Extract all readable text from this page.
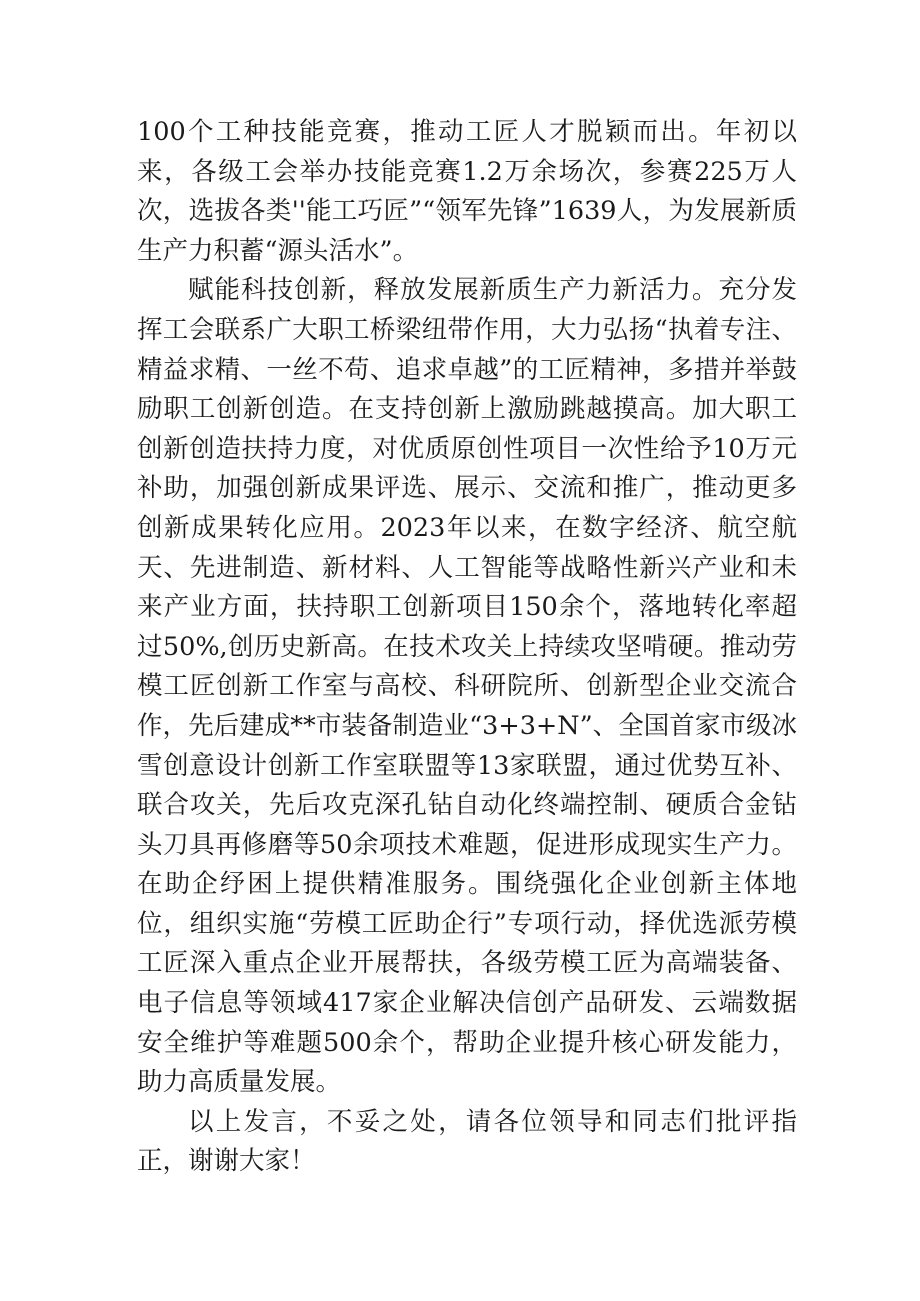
100个工种技能竞赛，推动工匠人才脱颖而出。年初以来，各级工会举办技能竞赛1.2万余场次，参赛225万人次，选拔各类''能工巧匠”“领军先锋”1639人，为发展新质生产力积蓄“源头活水”。

赋能科技创新，释放发展新质生产力新活力。充分发挥工会联系广大职工桥梁纽带作用，大力弘扬“执着专注、精益求精、一丝不苟、追求卓越”的工匠精神，多措并举鼓励职工创新创造。在支持创新上激励跳越摸高。加大职工创新创造扶持力度，对优质原创性项目一次性给予10万元补助，加强创新成果评选、展示、交流和推广，推动更多创新成果转化应用。2023年以来，在数字经济、航空航天、先进制造、新材料、人工智能等战略性新兴产业和未来产业方面，扶持职工创新项目150余个，落地转化率超过50%,创历史新高。在技术攻关上持续攻坚啃硬。推动劳模工匠创新工作室与高校、科研院所、创新型企业交流合作，先后建成**市装备制造业“3+3+N”、全国首家市级冰雪创意设计创新工作室联盟等13家联盟，通过优势互补、联合攻关，先后攻克深孔钻自动化终端控制、硬质合金钻头刀具再修磨等50余项技术难题，促进形成现实生产力。在助企纾困上提供精准服务。围绕强化企业创新主体地位，组织实施“劳模工匠助企行”专项行动，择优选派劳模工匠深入重点企业开展帮扶，各级劳模工匠为高端装备、电子信息等领域417家企业解决信创产品研发、云端数据安全维护等难题500余个，帮助企业提升核心研发能力，助力高质量发展。

以上发言，不妥之处，请各位领导和同志们批评指正，谢谢大家！
